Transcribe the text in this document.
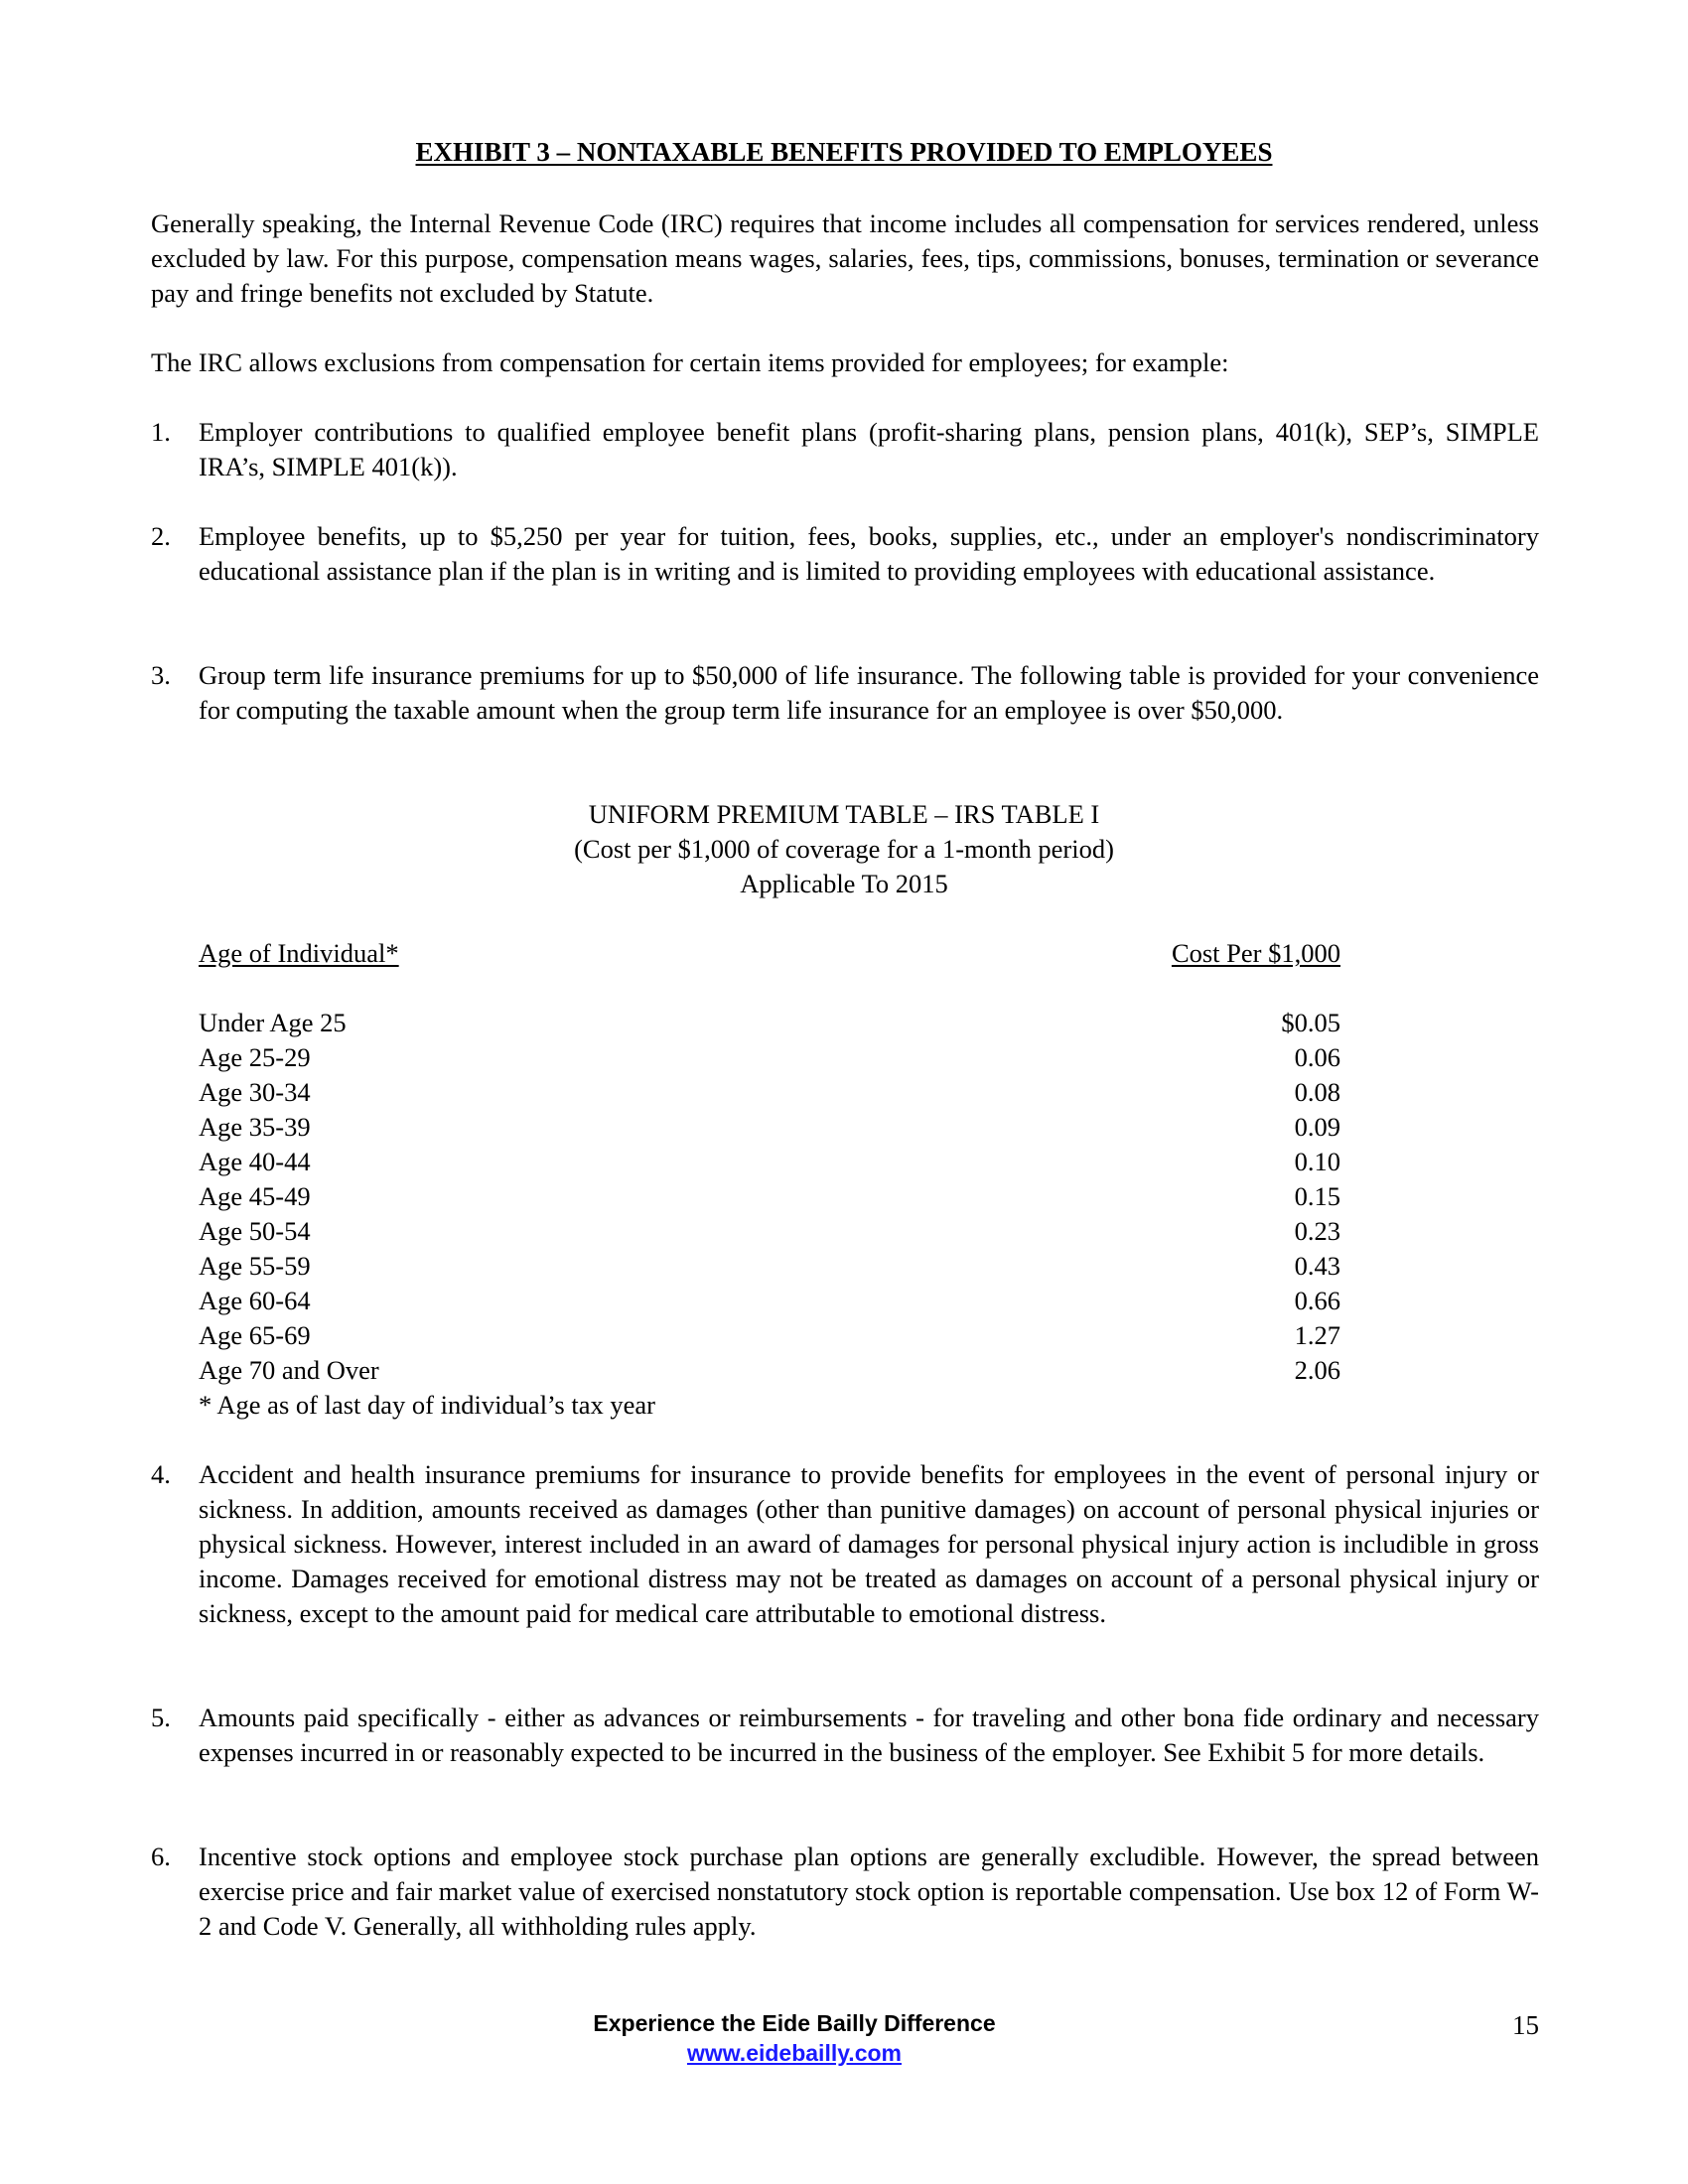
EXHIBIT 3 – NONTAXABLE BENEFITS PROVIDED TO EMPLOYEES
Generally speaking, the Internal Revenue Code (IRC) requires that income includes all compensation for services rendered, unless excluded by law. For this purpose, compensation means wages, salaries, fees, tips, commissions, bonuses, termination or severance pay and fringe benefits not excluded by Statute.
The IRC allows exclusions from compensation for certain items provided for employees; for example:
1. Employer contributions to qualified employee benefit plans (profit-sharing plans, pension plans, 401(k), SEP’s, SIMPLE IRA’s, SIMPLE 401(k)).
2. Employee benefits, up to $5,250 per year for tuition, fees, books, supplies, etc., under an employer's nondiscriminatory educational assistance plan if the plan is in writing and is limited to providing employees with educational assistance.
3. Group term life insurance premiums for up to $50,000 of life insurance. The following table is provided for your convenience for computing the taxable amount when the group term life insurance for an employee is over $50,000.
UNIFORM PREMIUM TABLE – IRS TABLE I
(Cost per $1,000 of coverage for a 1-month period)
Applicable To 2015
Age of Individual*	Cost Per $1,000
Under Age 25	$0.05
Age 25-29	0.06
Age 30-34	0.08
Age 35-39	0.09
Age 40-44	0.10
Age 45-49	0.15
Age 50-54	0.23
Age 55-59	0.43
Age 60-64	0.66
Age 65-69	1.27
Age 70 and Over	2.06
* Age as of last day of individual’s tax year
4. Accident and health insurance premiums for insurance to provide benefits for employees in the event of personal injury or sickness. In addition, amounts received as damages (other than punitive damages) on account of personal physical injuries or physical sickness. However, interest included in an award of damages for personal physical injury action is includible in gross income. Damages received for emotional distress may not be treated as damages on account of a personal physical injury or sickness, except to the amount paid for medical care attributable to emotional distress.
5. Amounts paid specifically - either as advances or reimbursements - for traveling and other bona fide ordinary and necessary expenses incurred in or reasonably expected to be incurred in the business of the employer. See Exhibit 5 for more details.
6. Incentive stock options and employee stock purchase plan options are generally excludible. However, the spread between exercise price and fair market value of exercised nonstatutory stock option is reportable compensation. Use box 12 of Form W-2 and Code V. Generally, all withholding rules apply.
Experience the Eide Bailly Difference
www.eidebailly.com
15
